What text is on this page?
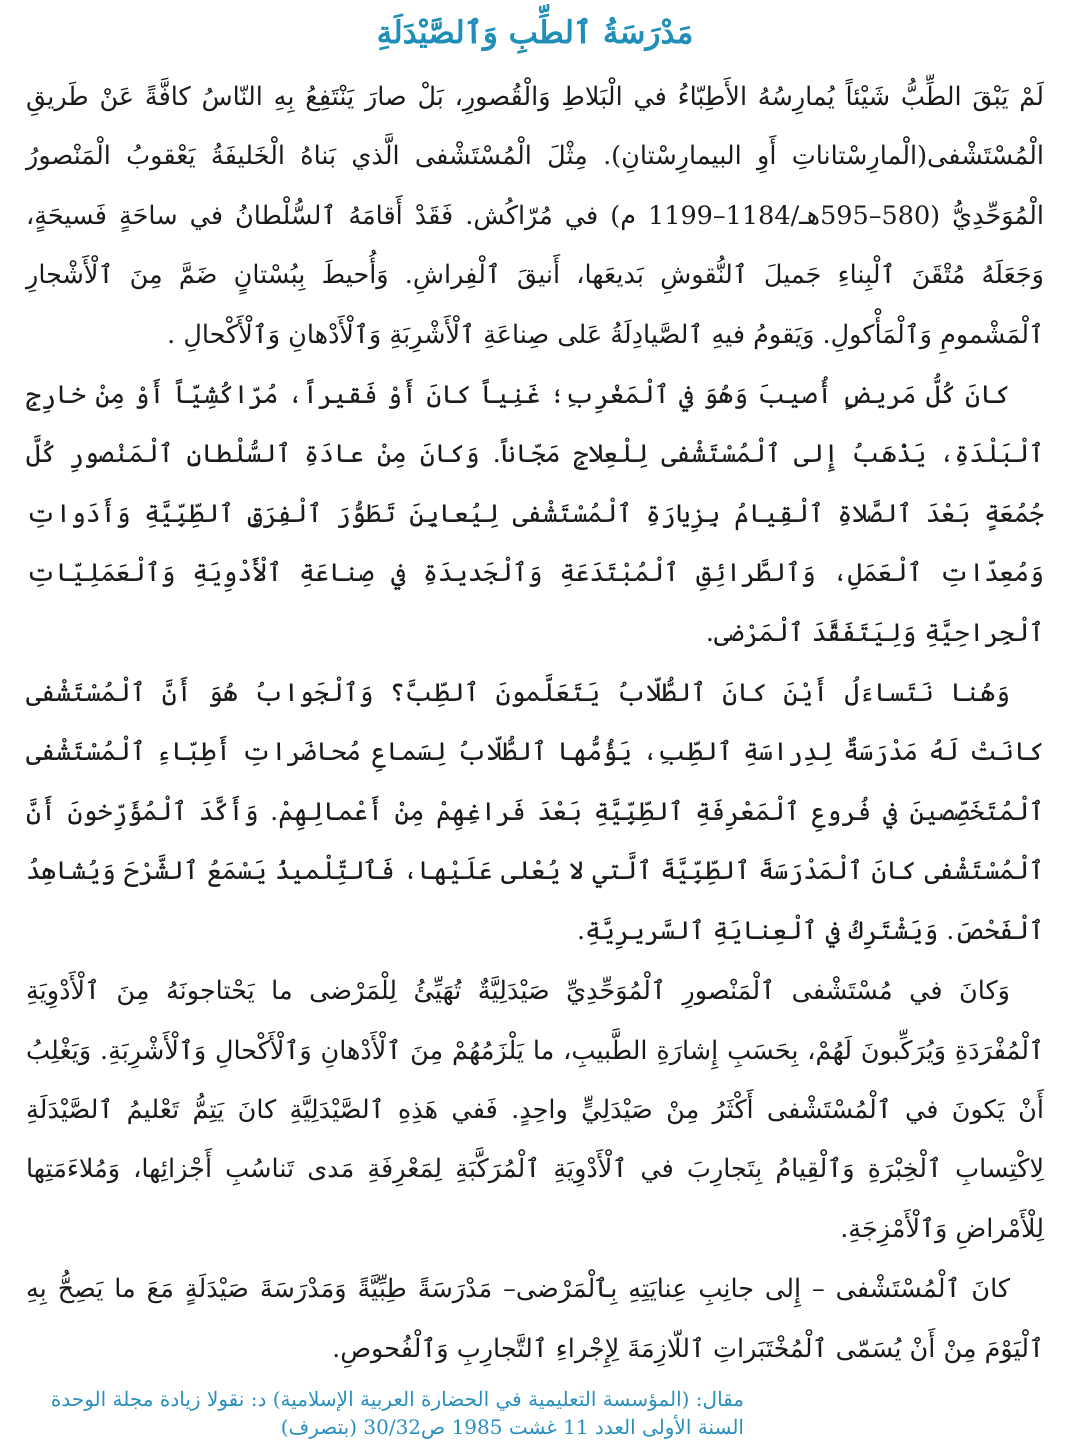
مَدْرَسَةُ ٱلطِّبِ وَٱلصَّيْدَلَةِ

لَمْ يَبْقَ الطِّبُّ شَيْئاً يُمارِسُهُ الأَطِبّاءُ في الْبَلاطِ وَالْقُصورِ، بَلْ صارَ يَنْتَفِعُ بِهِ النّاسُ كافَّةً عَنْ طَريقِ الْمُسْتَشْفى(الْمارِسْتاناتِ أَوِ البيمارِسْتانِ). مِثْلَ الْمُسْتَشْفى الَّذي بَناهُ الْخَليفَةُ يَعْقوبُ الْمَنْصورُ الْمُوَحِّدِيُّ (580–595هـ/1184–1199 م) في مُرّاكُش. فَقَدْ أَقامَهُ ٱلسُّلْطانُ في ساحَةٍ فَسيحَةٍ، وَجَعَلَهُ مُتْقَنَ ٱلْبِناءِ جَميلَ ٱلنُّقوشِ بَديعَها، أَنيقَ ٱلْفِراشِ. وَأُحيطَ بِبُسْتانٍ ضَمَّ مِنَ ٱلْأَشْجارِ ٱلْمَشْمومِ وَٱلْمَأْكولِ. وَيَقومُ فيهِ ٱلصَّيادِلَةُ عَلى صِناعَةِ ٱلْأَشْرِبَةِ وَٱلْأَدْهانِ وَٱلْأَكْحالِ .

كانَ كُلُّ مَريضٍ أُصيبَ وَهُوَ في ٱلْمَغْرِبِ؛ غَنِياً كانَ أَوْ فَقيراً، مُرّاكُشِيّاً أَوْ مِنْ خارِجِ ٱلْبَلْدَةِ، يَذْهَبُ إِلى ٱلْمُسْتَشْفى لِلْعِلاجِ مَجّاناً. وَكانَ مِنْ عادَةِ ٱلسُّلْطانِ ٱلْمَنْصورِ كُلَّ جُمُعَةٍ بَعْدَ ٱلصَّلاةِ ٱلْقِيامُ بِزِيارَةِ ٱلْمُسْتَشْفى لِيُعايِنَ تَطَوُّرَ ٱلْفِرَقِ ٱلطِّبِّيَّةِ وَأَدَواتِ وَمُعِدّاتِ ٱلْعَمَلِ، وَٱلطَّرائِقِ ٱلْمُبْتَدَعَةِ وَٱلْجَديدَةِ في صِناعَةِ ٱلْأَدْوِيَةِ وَٱلْعَمَلِيّاتِ ٱلْجِراحِيَّةِ وَلِيَتَفَقَّدَ ٱلْمَرْضى.

وَهُنا نَتَساءَلُ أَيْنَ كانَ ٱلطُّلّابُ يَتَعَلَّمونَ ٱلطِّبَّ؟ وَٱلْجَوابُ هُوَ أَنَّ ٱلْمُسْتَشْفى كانَتْ لَهُ مَدْرَسَةٌ لِدِراسَةِ ٱلطِّبِ، يَؤُمُّها ٱلطُّلّابُ لِسَماعِ مُحاضَراتِ أَطِبّاءِ ٱلْمُسْتَشْفى ٱلْمُتَخَصِّصينَ في فُروعِ ٱلْمَعْرِفَةِ ٱلطِّبِّيَّةِ بَعْدَ فَراغِهِمْ مِنْ أَعْمالِهِمْ. وَأَكَّدَ ٱلْمُؤَرِّخونَ أَنَّ ٱلْمُسْتَشْفى كانَ ٱلْمَدْرَسَةَ ٱلطِّبِّيَّةَ ٱلَّتي لا يُعْلى عَلَيْها، فَٱلتِّلْميذُ يَسْمَعُ ٱلشَّرْحَ وَيُشاهِدُ ٱلْفَحْصَ. وَيَشْتَرِكُ في ٱلْعِنايَةِ ٱلسَّريرِيَّةِ.

وَكانَ في مُسْتَشْفى ٱلْمَنْصورِ ٱلْمُوَحِّدِيِّ صَيْدَلِيَّةٌ تُهَيِّئُ لِلْمَرْضى ما يَحْتاجونَهُ مِنَ ٱلْأَدْوِيَةِ ٱلْمُفْرَدَةِ وَيُرَكِّبونَ لَهُمْ، بِحَسَبِ إِشارَةِ الطَّبيبِ، ما يَلْزَمُهُمْ مِنَ ٱلْأَدْهانِ وَٱلْأَكْحالِ وَٱلْأَشْرِبَةِ. وَيَغْلِبُ أَنْ يَكونَ في ٱلْمُسْتَشْفى أَكْثَرُ مِنْ صَيْدَلِيٍّ واحِدٍ. فَفي هَذِهِ ٱلصَّيْدَلِيَّةِ كانَ يَتِمُّ تَعْليمُ ٱلصَّيْدَلَةِ لِاكْتِسابِ ٱلْخِبْرَةِ وَٱلْقِيامُ بِتَجارِبَ في ٱلْأَدْوِيَةِ ٱلْمُرَكَّبَةِ لِمَعْرِفَةِ مَدى تَناسُبِ أَجْزائِها، وَمُلاءَمَتِها لِلْأَمْراضِ وَٱلْأَمْزِجَةِ.

كانَ ٱلْمُسْتَشْفى – إِلى جانِبِ عِنايَتِهِ بِٱلْمَرْضى– مَدْرَسَةً طِبِّيَّةً وَمَدْرَسَةَ صَيْدَلَةٍ مَعَ ما يَصِحُّ بِهِ ٱلْيَوْمَ مِنْ أَنْ يُسَمّى ٱلْمُخْتَبَراتِ ٱللّازِمَةَ لِإِجْراءِ ٱلتَّجارِبِ وَٱلْفُحوصِ.

مقال: (المؤسسة التعليمية في الحضارة العربية الإسلامية) د: نقولا زيادة مجلة الوحدة
السنة الأولى العدد 11 غشت 1985 ص30/32 (بتصرف)
